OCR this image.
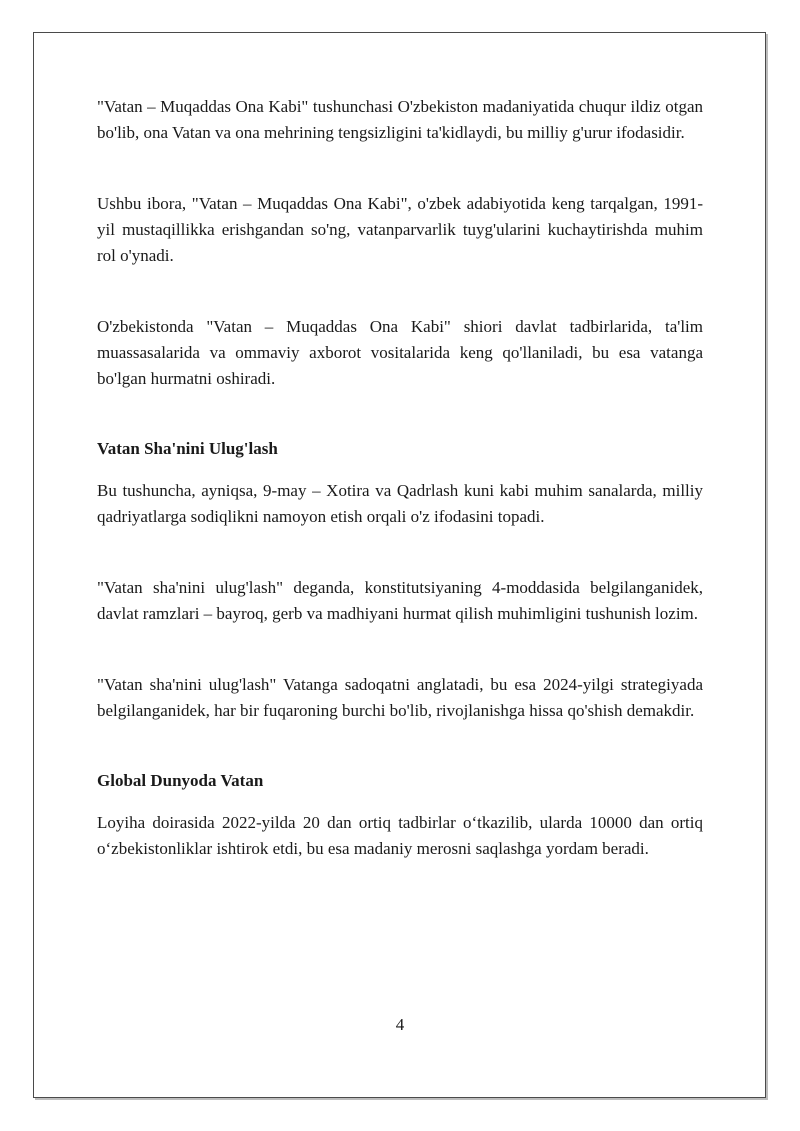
"Vatan – Muqaddas Ona Kabi" tushunchasi O'zbekiston madaniyatida chuqur ildiz otgan bo'lib, ona Vatan va ona mehrining tengsizligini ta'kidlaydi, bu milliy g'urur ifodasidir.

Ushbu ibora, "Vatan – Muqaddas Ona Kabi", o'zbek adabiyotida keng tarqalgan, 1991-yil mustaqillikka erishgandan so'ng, vatanparvarlik tuyg'ularini kuchaytirishda muhim rol o'ynadi.

O'zbekistonda "Vatan – Muqaddas Ona Kabi" shiori davlat tadbirlarida, ta'lim muassasalarida va ommaviy axborot vositalarida keng qo'llaniladi, bu esa vatanga bo'lgan hurmatni oshiradi.

Vatan Sha'nini Ulug'lash

Bu tushuncha, ayniqsa, 9-may – Xotira va Qadrlash kuni kabi muhim sanalarda, milliy qadriyatlarga sodiqlikni namoyon etish orqali o'z ifodasini topadi.

"Vatan sha'nini ulug'lash" deganda, konstitutsiyaning 4-moddasida belgilanganidek, davlat ramzlari – bayroq, gerb va madhiyani hurmat qilish muhimligini tushunish lozim.

"Vatan sha'nini ulug'lash" Vatanga sadoqatni anglatadi, bu esa 2024-yilgi strategiyada belgilanganidek, har bir fuqaroning burchi bo'lib, rivojlanishga hissa qo'shish demakdir.

Global Dunyoda Vatan

Loyiha doirasida 2022-yilda 20 dan ortiq tadbirlar o‘tkazilib, ularda 10000 dan ortiq o‘zbekistonliklar ishtirok etdi, bu esa madaniy merosni saqlashga yordam beradi.

4
